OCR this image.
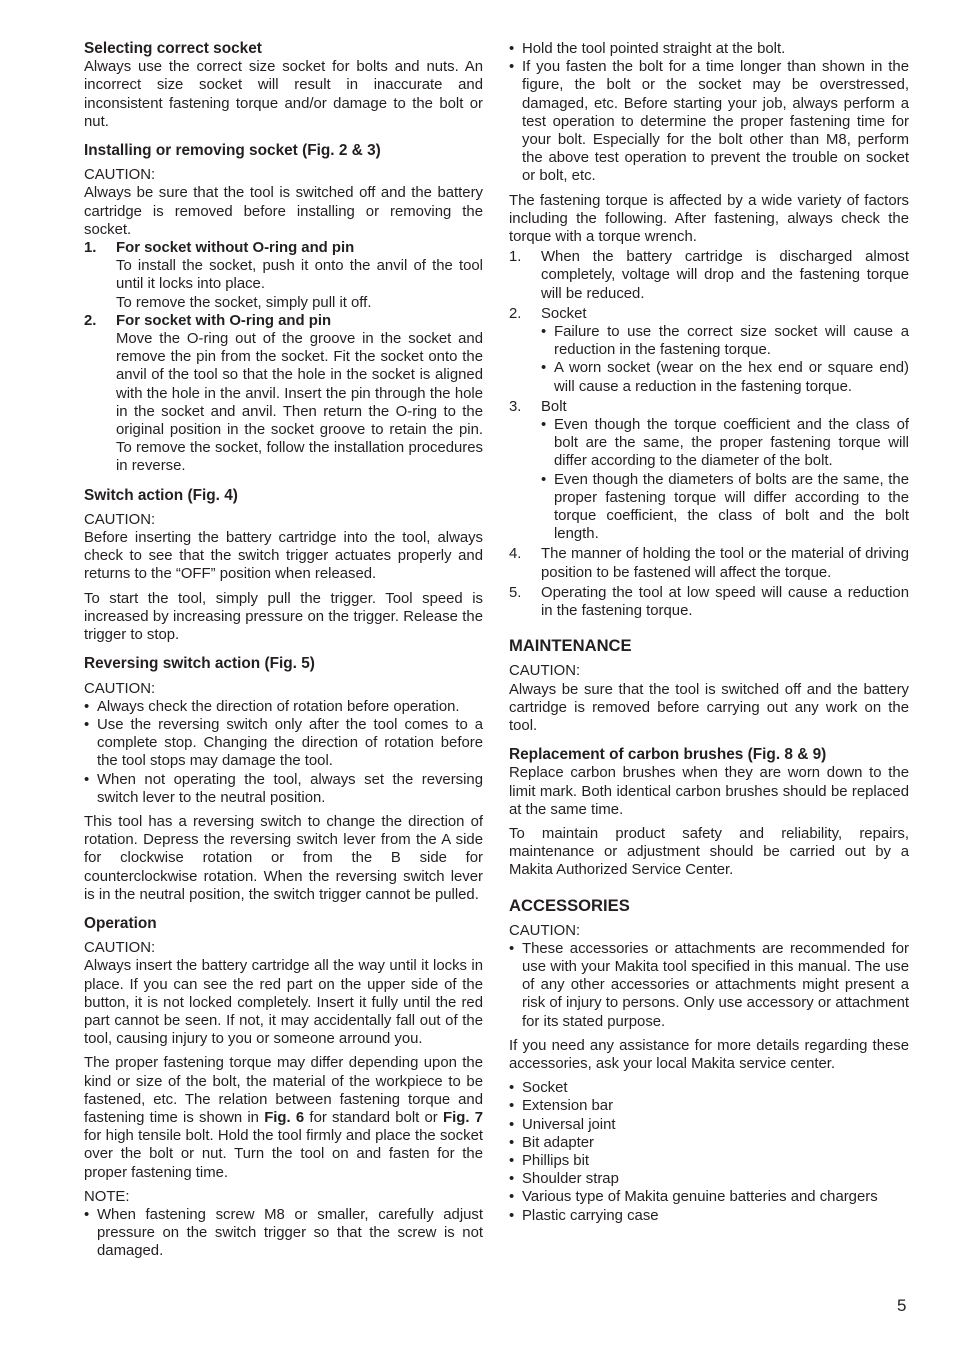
Selecting correct socket

Always use the correct size socket for bolts and nuts. An incorrect size socket will result in inaccurate and inconsistent fastening torque and/or damage to the bolt or nut.

Installing or removing socket (Fig. 2 & 3)

CAUTION:

Always be sure that the tool is switched off and the battery cartridge is removed before installing or removing the socket.

1. For socket without O-ring and pin
To install the socket, push it onto the anvil of the tool until it locks into place.
To remove the socket, simply pull it off.
2. For socket with O-ring and pin
Move the O-ring out of the groove in the socket and remove the pin from the socket. Fit the socket onto the anvil of the tool so that the hole in the socket is aligned with the hole in the anvil. Insert the pin through the hole in the socket and anvil. Then return the O-ring to the original position in the socket groove to retain the pin. To remove the socket, follow the installation procedures in reverse.
Switch action (Fig. 4)

CAUTION:

Before inserting the battery cartridge into the tool, always check to see that the switch trigger actuates properly and returns to the “OFF” position when released.

To start the tool, simply pull the trigger. Tool speed is increased by increasing pressure on the trigger. Release the trigger to stop.

Reversing switch action (Fig. 5)

CAUTION:

• Always check the direction of rotation before operation.
• Use the reversing switch only after the tool comes to a complete stop. Changing the direction of rotation before the tool stops may damage the tool.
• When not operating the tool, always set the reversing switch lever to the neutral position.

This tool has a reversing switch to change the direction of rotation. Depress the reversing switch lever from the A side for clockwise rotation or from the B side for counterclockwise rotation. When the reversing switch lever is in the neutral position, the switch trigger cannot be pulled.

Operation

CAUTION:

Always insert the battery cartridge all the way until it locks in place. If you can see the red part on the upper side of the button, it is not locked completely. Insert it fully until the red part cannot be seen. If not, it may accidentally fall out of the tool, causing injury to you or someone arround you.

The proper fastening torque may differ depending upon the kind or size of the bolt, the material of the workpiece to be fastened, etc. The relation between fastening torque and fastening time is shown in Fig. 6 for standard bolt or Fig. 7 for high tensile bolt. Hold the tool firmly and place the socket over the bolt or nut. Turn the tool on and fasten for the proper fastening time.

NOTE:

• When fastening screw M8 or smaller, carefully adjust pressure on the switch trigger so that the screw is not damaged.
• Hold the tool pointed straight at the bolt.
• If you fasten the bolt for a time longer than shown in the figure, the bolt or the socket may be overstressed, damaged, etc. Before starting your job, always perform a test operation to determine the proper fastening time for your bolt. Especially for the bolt other than M8, perform the above test operation to prevent the trouble on socket or bolt, etc.

The fastening torque is affected by a wide variety of factors including the following. After fastening, always check the torque with a torque wrench.

1. When the battery cartridge is discharged almost completely, voltage will drop and the fastening torque will be reduced.
2. Socket
• Failure to use the correct size socket will cause a reduction in the fastening torque.
• A worn socket (wear on the hex end or square end) will cause a reduction in the fastening torque.
3. Bolt
• Even though the torque coefficient and the class of bolt are the same, the proper fastening torque will differ according to the diameter of the bolt.
• Even though the diameters of bolts are the same, the proper fastening torque will differ according to the torque coefficient, the class of bolt and the bolt length.
4. The manner of holding the tool or the material of driving position to be fastened will affect the torque.
5. Operating the tool at low speed will cause a reduction in the fastening torque.
MAINTENANCE

CAUTION:

Always be sure that the tool is switched off and the battery cartridge is removed before carrying out any work on the tool.

Replacement of carbon brushes (Fig. 8 & 9)

Replace carbon brushes when they are worn down to the limit mark. Both identical carbon brushes should be replaced at the same time.

To maintain product safety and reliability, repairs, maintenance or adjustment should be carried out by a Makita Authorized Service Center.

ACCESSORIES

CAUTION:

• These accessories or attachments are recommended for use with your Makita tool specified in this manual. The use of any other accessories or attachments might present a risk of injury to persons. Only use accessory or attachment for its stated purpose.

If you need any assistance for more details regarding these accessories, ask your local Makita service center.

• Socket
• Extension bar
• Universal joint
• Bit adapter
• Phillips bit
• Shoulder strap
• Various type of Makita genuine batteries and chargers
• Plastic carrying case
5
